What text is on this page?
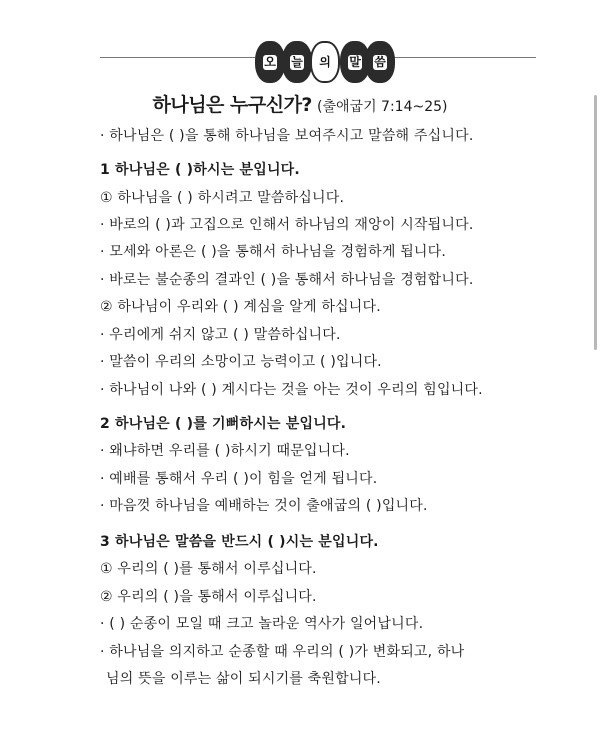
오 늘 의 말 씀
하나님은 누구신가? (출애굽기 7:14~25)
· 하나님은 ( )을 통해 하나님을 보여주시고 말씀해 주십니다.
1 하나님은 ( )하시는 분입니다.
① 하나님을 ( ) 하시려고 말씀하십니다.
· 바로의 ( )과 고집으로 인해서 하나님의 재앙이 시작됩니다.
· 모세와 아론은 ( )을 통해서 하나님을 경험하게 됩니다.
· 바로는 불순종의 결과인 ( )을 통해서 하나님을 경험합니다.
② 하나님이 우리와 ( ) 계심을 알게 하십니다.
· 우리에게 쉬지 않고 ( ) 말씀하십니다.
· 말씀이 우리의 소망이고 능력이고 ( )입니다.
· 하나님이 나와 ( ) 계시다는 것을 아는 것이 우리의 힘입니다.
2 하나님은 ( )를 기뻐하시는 분입니다.
· 왜냐하면 우리를 ( )하시기 때문입니다.
· 예배를 통해서 우리 ( )이 힘을 얻게 됩니다.
· 마음껏 하나님을 예배하는 것이 출애굽의 ( )입니다.
3 하나님은 말씀을 반드시 ( )시는 분입니다.
① 우리의 ( )를 통해서 이루십니다.
② 우리의 ( )을 통해서 이루십니다.
· ( ) 순종이 모일 때 크고 놀라운 역사가 일어납니다.
· 하나님을 의지하고 순종할 때 우리의 ( )가 변화되고, 하나
님의 뜻을 이루는 삶이 되시기를 축원합니다.
